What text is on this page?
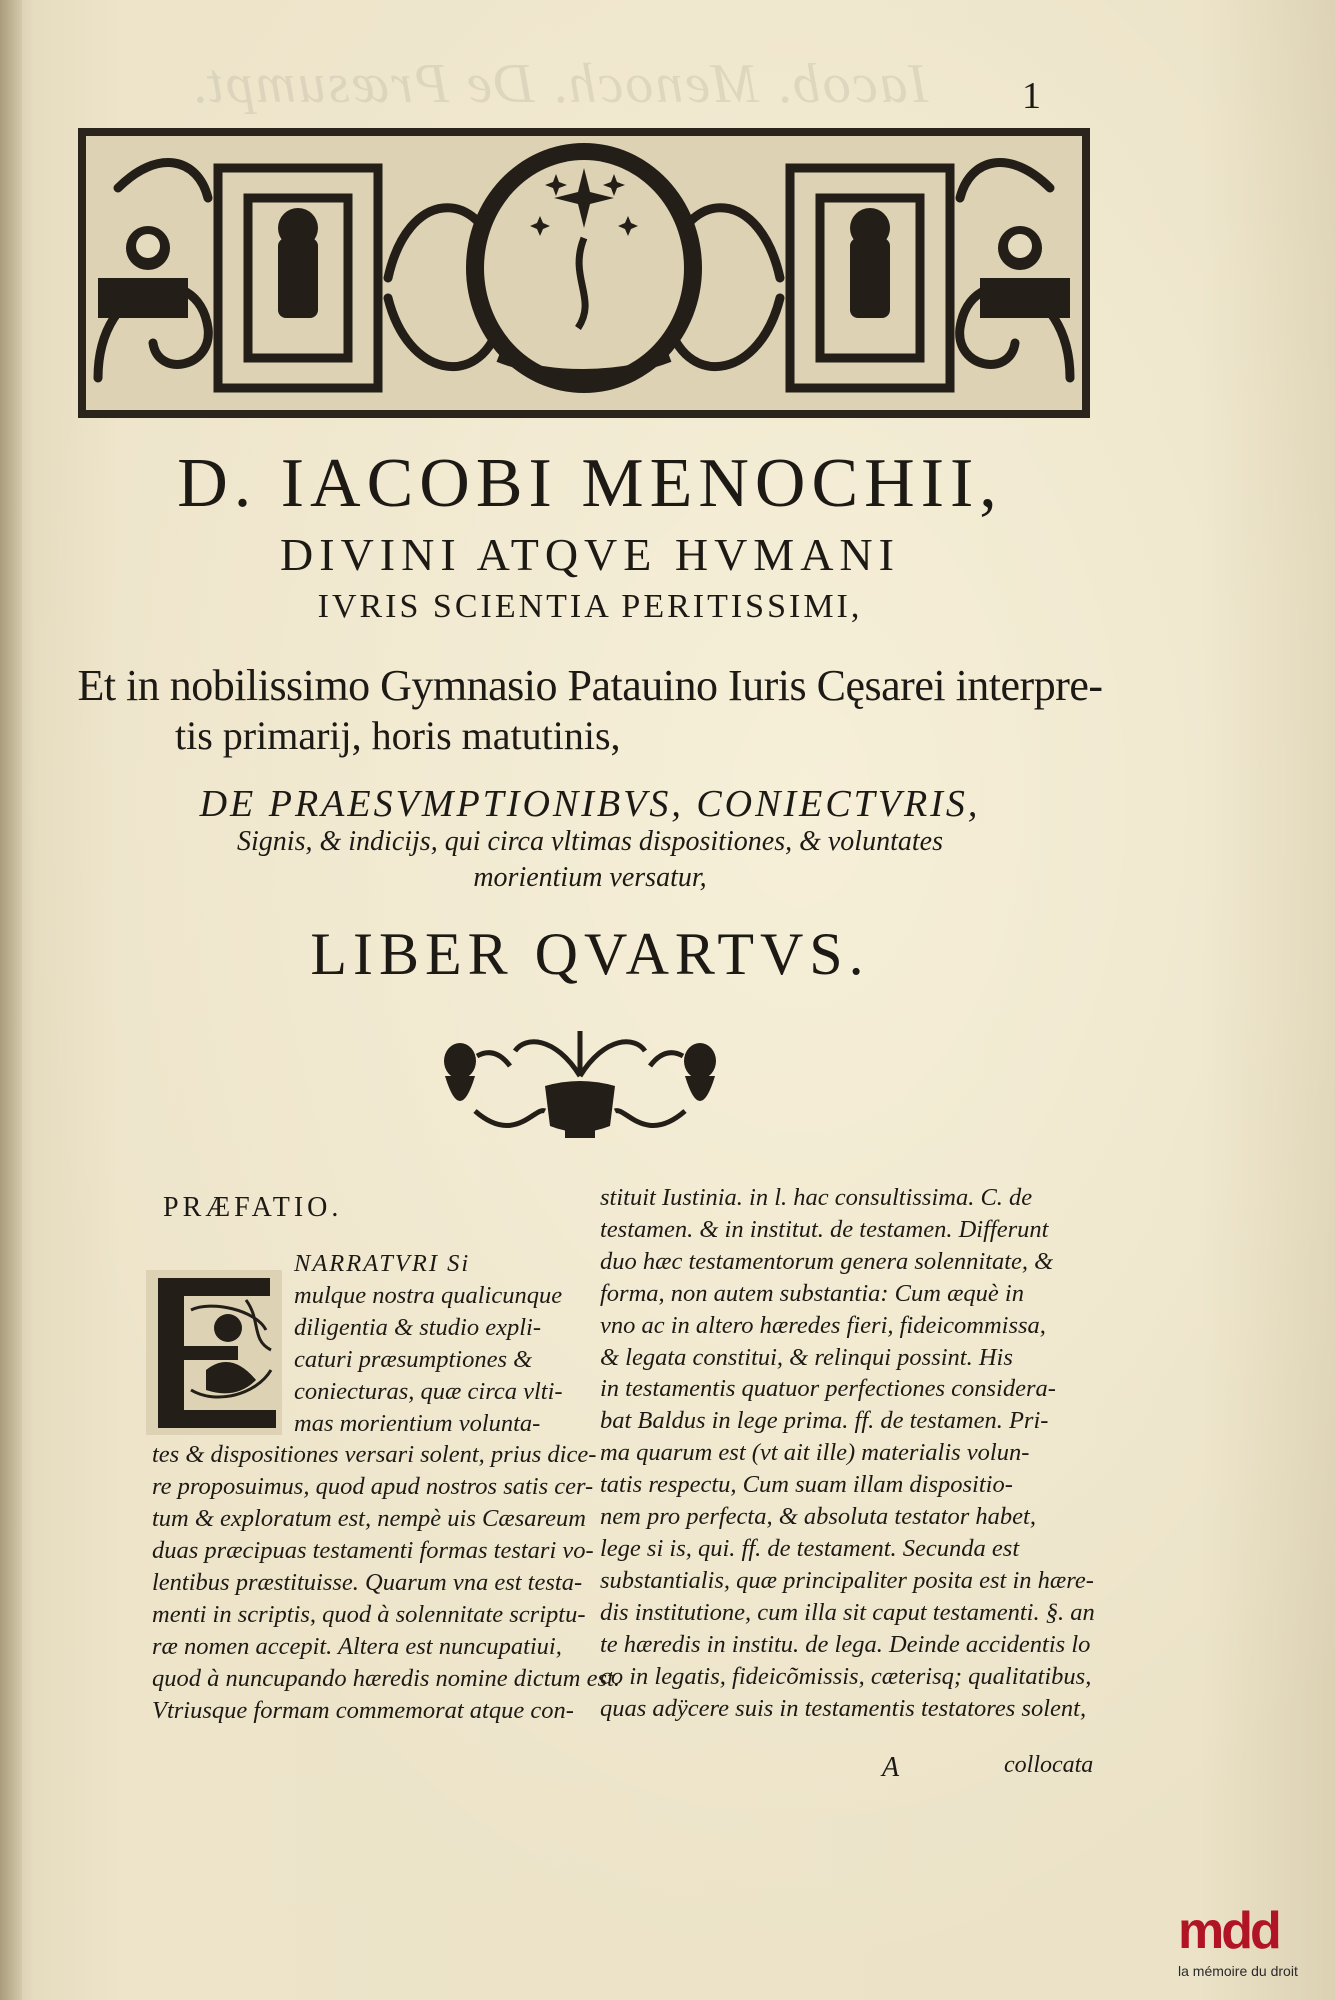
Iacob. Menoch. De Præsumpt. 1
D. IACOBI MENOCHII,
DIVINI ATQVE HVMANI
IVRIS SCIENTIA PERITISSIMI,
Et in nobilissimo Gymnasio Patauino Iuris Cęsarei interpre-
tis primarij, horis matutinis,
DE PRAESVMPTIONIBVS, CONIECTVRIS,
Signis, & indicijs, qui circa vltimas dispositiones, & voluntates
morientium versatur,
LIBER QVARTVS.
PRÆFATIO.
NARRATVRI Si
mulque nostra qualicunque
diligentia & studio expli-
caturi præsumptiones &
coniecturas, quæ circa vlti-
mas morientium volunta-
tes & dispositiones versari solent, prius dice-
re proposuimus, quod apud nostros satis cer-
tum & exploratum est, nempè uis Cæsareum
duas præcipuas testamenti formas testari vo-
lentibus præstituisse. Quarum vna est testa-
menti in scriptis, quod à solennitate scriptu-
ræ nomen accepit. Altera est nuncupatiui,
quod à nuncupando hæredis nomine dictum est.
Vtriusque formam commemorat atque con-
stituit Iustinia. in l. hac consultissima. C. de
testamen. & in institut. de testamen. Differunt
duo hæc testamentorum genera solennitate, &
forma, non autem substantia: Cum æquè in
vno ac in altero hæredes fieri, fideicommissa,
& legata constitui, & relinqui possint. His
in testamentis quatuor perfectiones considera-
bat Baldus in lege prima. ff. de testamen. Pri-
ma quarum est (vt ait ille) materialis volun-
tatis respectu, Cum suam illam dispositio-
nem pro perfecta, & absoluta testator habet,
lege si is, qui. ff. de testament. Secunda est
substantialis, quæ principaliter posita est in hære-
dis institutione, cum illa sit caput testamenti. §. an
te hæredis in institu. de lega. Deinde accidentis lo
co in legatis, fideicõmissis, cæterisq; qualitatibus,
quas adÿcere suis in testamentis testatores solent,
A	collocata
mdd
la mémoire du droit
